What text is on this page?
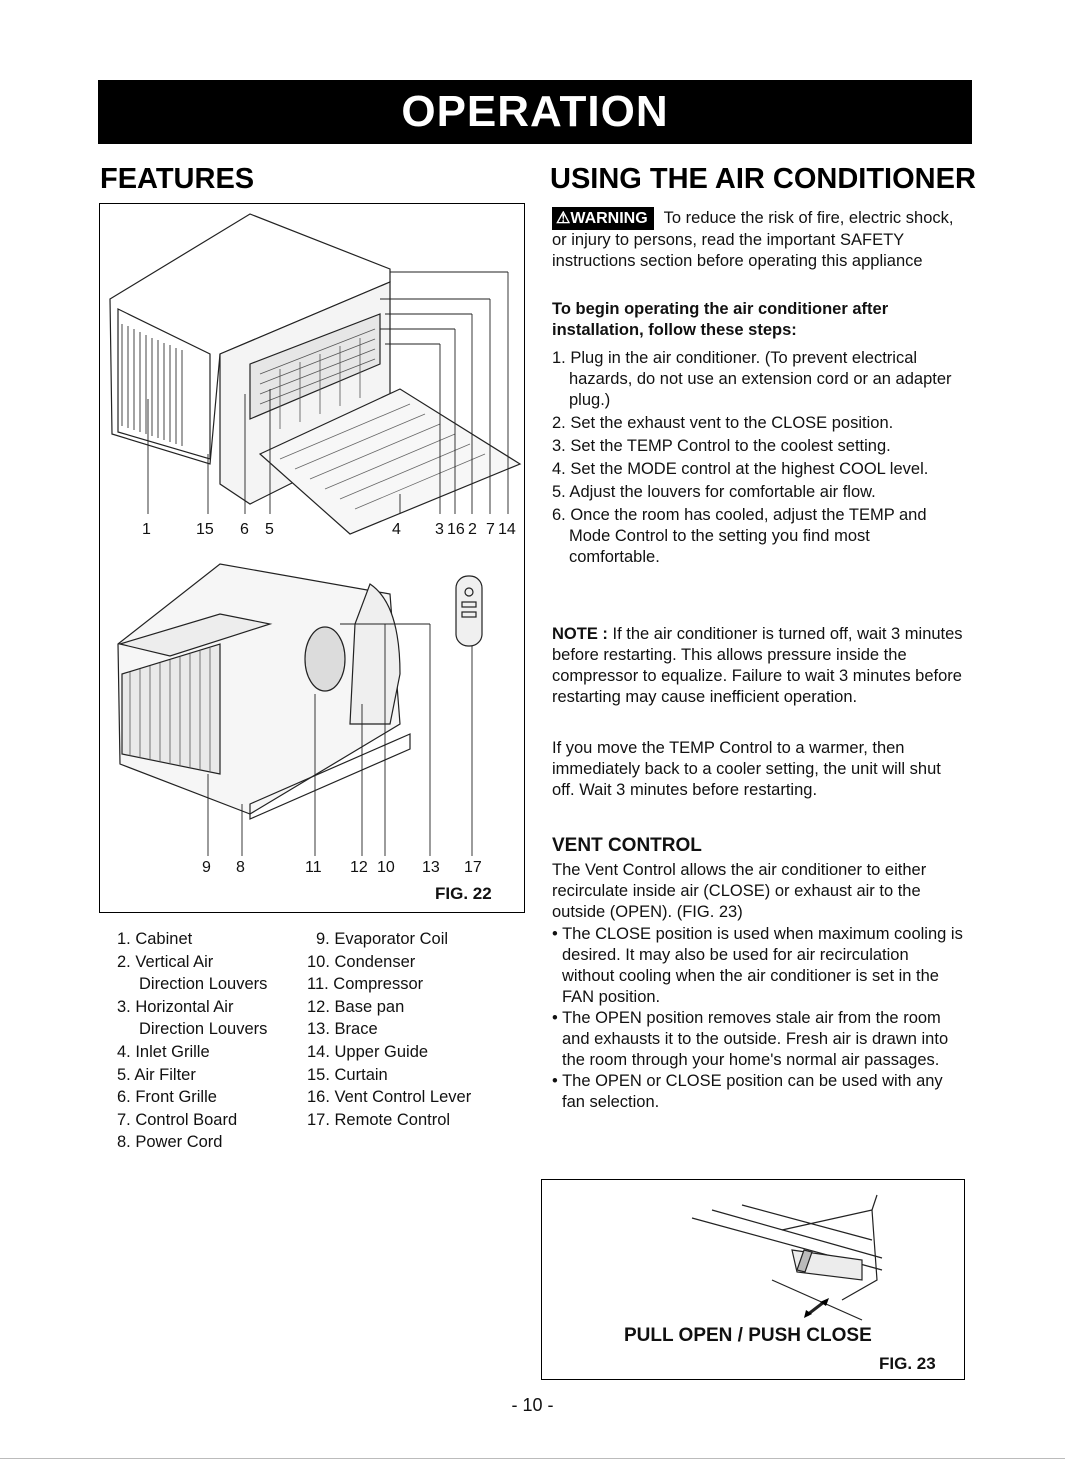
OPERATION
FEATURES
1	15 6 5	4 3 16 2 7 14
9 8	11 12 10 13 17
FIG. 22
1. Cabinet
2. Vertical Air
Direction Louvers
3. Horizontal Air
Direction Louvers
4. Inlet Grille
5. Air Filter
6. Front Grille
7. Control Board
8. Power Cord
9. Evaporator Coil
10. Condenser
11. Compressor
12. Base pan
13. Brace
14. Upper Guide
15. Curtain
16. Vent Control Lever
17. Remote Control
USING THE AIR CONDITIONER
⚠WARNING To reduce the risk of fire, electric shock, or injury to persons, read the important SAFETY instructions section before operating this appliance
To begin operating the air conditioner after installation, follow these steps:
1. Plug in the air conditioner. (To prevent electrical hazards, do not use an extension cord or an adapter plug.)
2. Set the exhaust vent to the CLOSE position.
3. Set the TEMP Control to the coolest setting.
4. Set the MODE control at the highest COOL level.
5. Adjust the louvers for comfortable air flow.
6. Once the room has cooled, adjust the TEMP and Mode Control to the setting you find most comfortable.
NOTE : If the air conditioner is turned off, wait 3 minutes before restarting. This allows pressure inside the compressor to equalize. Failure to wait 3 minutes before restarting may cause inefficient operation.
If you move the TEMP Control to a warmer, then immediately back to a cooler setting, the unit will shut off. Wait 3 minutes before restarting.
VENT CONTROL
The Vent Control allows the air conditioner to either recirculate inside air (CLOSE) or exhaust air to the outside (OPEN). (FIG. 23)
• The CLOSE position is used when maximum cooling is desired. It may also be used for air recirculation without cooling when the air conditioner is set in the FAN position.
• The OPEN position removes stale air from the room and exhausts it to the outside. Fresh air is drawn into the room through your home's normal air passages.
• The OPEN or CLOSE position can be used with any fan selection.
PULL OPEN / PUSH CLOSE
FIG. 23
- 10 -
